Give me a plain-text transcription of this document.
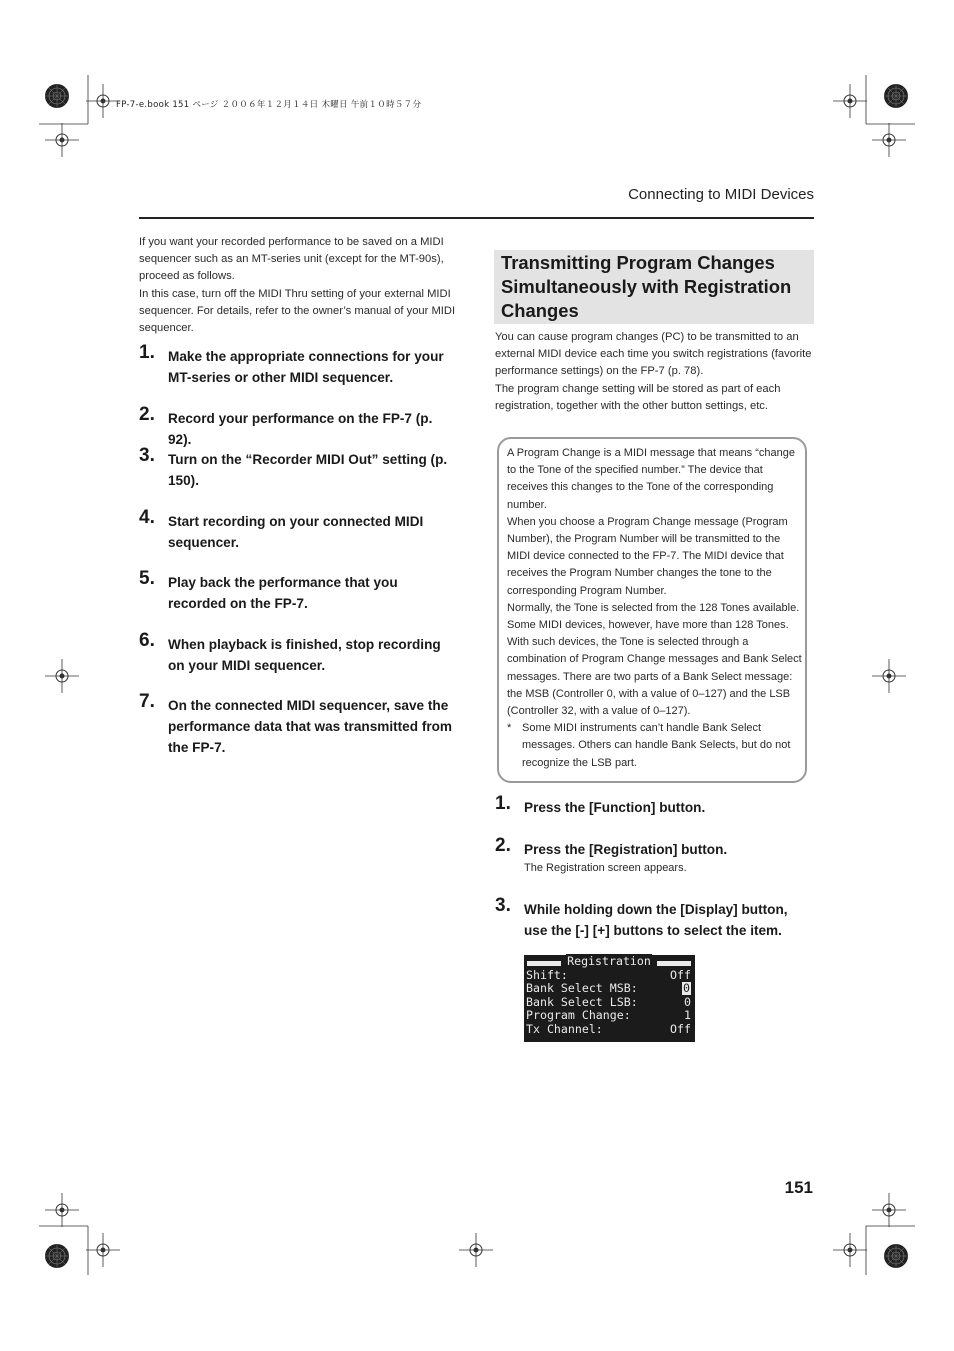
FP-7-e.book 151 ページ ２００６年１２月１４日 木曜日 午前１０時５７分
Connecting to MIDI Devices
If you want your recorded performance to be saved on a MIDI sequencer such as an MT-series unit (except for the MT-90s), proceed as follows.
In this case, turn off the MIDI Thru setting of your external MIDI sequencer. For details, refer to the owner’s manual of your MIDI sequencer.
1. Make the appropriate connections for your MT-series or other MIDI sequencer.
2. Record your performance on the FP-7 (p. 92).
3. Turn on the “Recorder MIDI Out” setting (p. 150).
4. Start recording on your connected MIDI sequencer.
5. Play back the performance that you recorded on the FP-7.
6. When playback is finished, stop recording on your MIDI sequencer.
7. On the connected MIDI sequencer, save the performance data that was transmitted from the FP-7.
Transmitting Program Changes Simultaneously with Registration Changes
You can cause program changes (PC) to be transmitted to an external MIDI device each time you switch registrations (favorite performance settings) on the FP-7 (p. 78).
The program change setting will be stored as part of each registration, together with the other button settings, etc.
A Program Change is a MIDI message that means “change to the Tone of the specified number.” The device that receives this changes to the Tone of the corresponding number.
When you choose a Program Change message (Program Number), the Program Number will be transmitted to the MIDI device connected to the FP-7. The MIDI device that receives the Program Number changes the tone to the corresponding Program Number.
Normally, the Tone is selected from the 128 Tones available. Some MIDI devices, however, have more than 128 Tones. With such devices, the Tone is selected through a combination of Program Change messages and Bank Select messages. There are two parts of a Bank Select message: the MSB (Controller 0, with a value of 0–127) and the LSB (Controller 32, with a value of 0–127).
* Some MIDI instruments can’t handle Bank Select messages. Others can handle Bank Selects, but do not recognize the LSB part.
1. Press the [Function] button.
2. Press the [Registration] button.
The Registration screen appears.
3. While holding down the [Display] button, use the [-] [+] buttons to select the item.
Registration
Shift:	Off
Bank Select MSB:	0
Bank Select LSB:	0
Program Change:	1
Tx Channel:	Off
151
